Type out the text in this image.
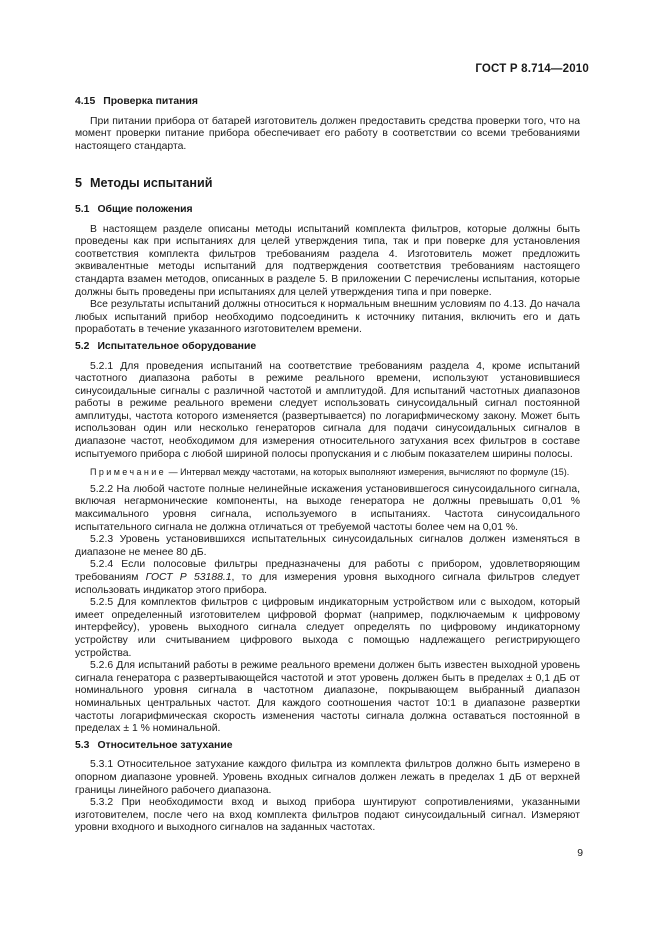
ГОСТ Р 8.714—2010
4.15 Проверка питания

При питании прибора от батарей изготовитель должен предоставить средства проверки того, что на момент проверки питание прибора обеспечивает его работу в соответствии со всеми требованиями настоящего стандарта.

5 Методы испытаний
5.1 Общие положения

В настоящем разделе описаны методы испытаний комплекта фильтров, которые должны быть проведены как при испытаниях для целей утверждения типа, так и при поверке для установления соответствия комплекта фильтров требованиям раздела 4. Изготовитель может предложить эквивалентные методы испытаний для подтверждения соответствия требованиям настоящего стандарта взамен методов, описанных в разделе 5. В приложении С перечислены испытания, которые должны быть проведены при испытаниях для целей утверждения типа и при поверке.

Все результаты испытаний должны относиться к нормальным внешним условиям по 4.13. До начала любых испытаний прибор необходимо подсоединить к источнику питания, включить его и дать проработать в течение указанного изготовителем времени.

5.2 Испытательное оборудование

5.2.1 Для проведения испытаний на соответствие требованиям раздела 4, кроме испытаний частотного диапазона работы в режиме реального времени, используют установившиеся синусоидальные сигналы с различной частотой и амплитудой. Для испытаний частотных диапазонов работы в режиме реального времени следует использовать синусоидальный сигнал постоянной амплитуды, частота которого изменяется (развертывается) по логарифмическому закону. Может быть использован один или несколько генераторов сигнала для подачи синусоидальных сигналов в диапазоне частот, необходимом для измерения относительного затухания всех фильтров в составе испытуемого прибора с любой шириной полосы пропускания и с любым показателем ширины полосы.

Примечание — Интервал между частотами, на которых выполняют измерения, вычисляют по формуле (15).

5.2.2 На любой частоте полные нелинейные искажения установившегося синусоидального сигнала, включая негармонические компоненты, на выходе генератора не должны превышать 0,01 % максимального уровня сигнала, используемого в испытаниях. Частота синусоидального испытательного сигнала не должна отличаться от требуемой частоты более чем на 0,01 %.

5.2.3 Уровень установившихся испытательных синусоидальных сигналов должен изменяться в диапазоне не менее 80 дБ.

5.2.4 Если полосовые фильтры предназначены для работы с прибором, удовлетворяющим требованиям ГОСТ Р 53188.1, то для измерения уровня выходного сигнала фильтров следует использовать индикатор этого прибора.

5.2.5 Для комплектов фильтров с цифровым индикаторным устройством или с выходом, который имеет определенный изготовителем цифровой формат (например, подключаемым к цифровому интерфейсу), уровень выходного сигнала следует определять по цифровому индикаторному устройству или считыванием цифрового выхода с помощью надлежащего регистрирующего устройства.

5.2.6 Для испытаний работы в режиме реального времени должен быть известен выходной уровень сигнала генератора с развертывающейся частотой и этот уровень должен быть в пределах ± 0,1 дБ от номинального уровня сигнала в частотном диапазоне, покрывающем выбранный диапазон номинальных центральных частот. Для каждого соотношения частот 10:1 в диапазоне развертки частоты логарифмическая скорость изменения частоты сигнала должна оставаться постоянной в пределах ± 1 % номинальной.

5.3 Относительное затухание

5.3.1 Относительное затухание каждого фильтра из комплекта фильтров должно быть измерено в опорном диапазоне уровней. Уровень входных сигналов должен лежать в пределах 1 дБ от верхней границы линейного рабочего диапазона.

5.3.2 При необходимости вход и выход прибора шунтируют сопротивлениями, указанными изготовителем, после чего на вход комплекта фильтров подают синусоидальный сигнал. Измеряют уровни входного и выходного сигналов на заданных частотах.

9
